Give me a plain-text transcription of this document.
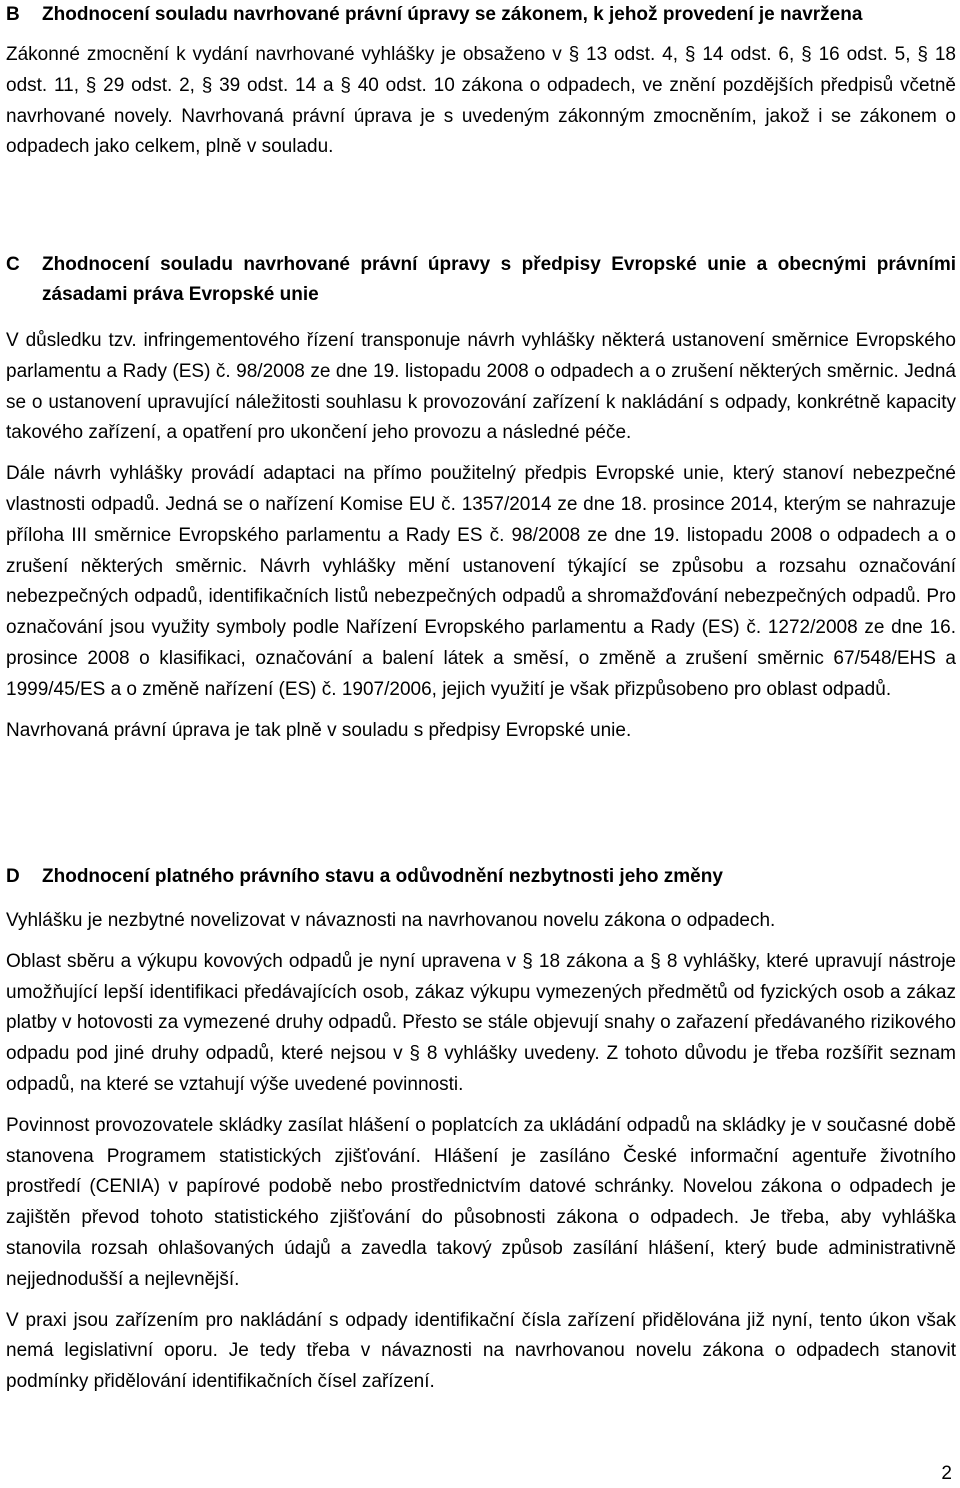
B	Zhodnocení souladu navrhované právní úpravy se zákonem, k jehož provedení je navržena

Zákonné zmocnění k vydání navrhované vyhlášky je obsaženo v § 13 odst. 4, § 14 odst. 6, § 16 odst. 5, § 18 odst. 11, § 29 odst. 2, § 39 odst. 14 a § 40 odst. 10 zákona o odpadech, ve znění pozdějších předpisů včetně navrhované novely. Navrhovaná právní úprava je s uvedeným zákonným zmocněním, jakož i se zákonem o odpadech jako celkem, plně v souladu.

C	Zhodnocení souladu navrhované právní úpravy s předpisy Evropské unie a obecnými právními zásadami práva Evropské unie

V důsledku tzv. infringementového řízení transponuje návrh vyhlášky některá ustanovení směrnice Evropského parlamentu a Rady (ES) č. 98/2008 ze dne 19. listopadu 2008 o odpadech a o zrušení některých směrnic. Jedná se o ustanovení upravující náležitosti souhlasu k provozování zařízení k nakládání s odpady, konkrétně kapacity takového zařízení, a opatření pro ukončení jeho provozu a následné péče.

Dále návrh vyhlášky provádí adaptaci na přímo použitelný předpis Evropské unie, který stanoví nebezpečné vlastnosti odpadů. Jedná se o nařízení Komise EU č. 1357/2014 ze dne 18. prosince 2014, kterým se nahrazuje příloha III směrnice Evropského parlamentu a Rady ES č. 98/2008 ze dne 19. listopadu 2008 o odpadech a o zrušení některých směrnic. Návrh vyhlášky mění ustanovení týkající se způsobu a rozsahu označování nebezpečných odpadů, identifikačních listů nebezpečných odpadů a shromažďování nebezpečných odpadů. Pro označování jsou využity symboly podle Nařízení Evropského parlamentu a Rady (ES) č. 1272/2008 ze dne 16. prosince 2008 o klasifikaci, označování a balení látek a směsí, o změně a zrušení směrnic 67/548/EHS a 1999/45/ES a o změně nařízení (ES) č. 1907/2006, jejich využití je však přizpůsobeno pro oblast odpadů.

Navrhovaná právní úprava je tak plně v souladu s předpisy Evropské unie.

D	Zhodnocení platného právního stavu a odůvodnění nezbytnosti jeho změny

Vyhlášku je nezbytné novelizovat v návaznosti na navrhovanou novelu zákona o odpadech.

Oblast sběru a výkupu kovových odpadů je nyní upravena v § 18 zákona a § 8 vyhlášky, které upravují nástroje umožňující lepší identifikaci předávajících osob, zákaz výkupu vymezených předmětů od fyzických osob a zákaz platby v hotovosti za vymezené druhy odpadů. Přesto se stále objevují snahy o zařazení předávaného rizikového odpadu pod jiné druhy odpadů, které nejsou v § 8 vyhlášky uvedeny. Z tohoto důvodu je třeba rozšířit seznam odpadů, na které se vztahují výše uvedené povinnosti.

Povinnost provozovatele skládky zasílat hlášení o poplatcích za ukládání odpadů na skládky je v současné době stanovena Programem statistických zjišťování. Hlášení je zasíláno České informační agentuře životního prostředí (CENIA) v papírové podobě nebo prostřednictvím datové schránky. Novelou zákona o odpadech je zajištěn převod tohoto statistického zjišťování do působnosti zákona o odpadech. Je třeba, aby vyhláška stanovila rozsah ohlašovaných údajů a zavedla takový způsob zasílání hlášení, který bude administrativně nejjednodušší a nejlevnější.

V praxi jsou zařízením pro nakládání s odpady identifikační čísla zařízení přidělována již nyní, tento úkon však nemá legislativní oporu. Je tedy třeba v návaznosti na navrhovanou novelu zákona o odpadech stanovit podmínky přidělování identifikačních čísel zařízení.

2
